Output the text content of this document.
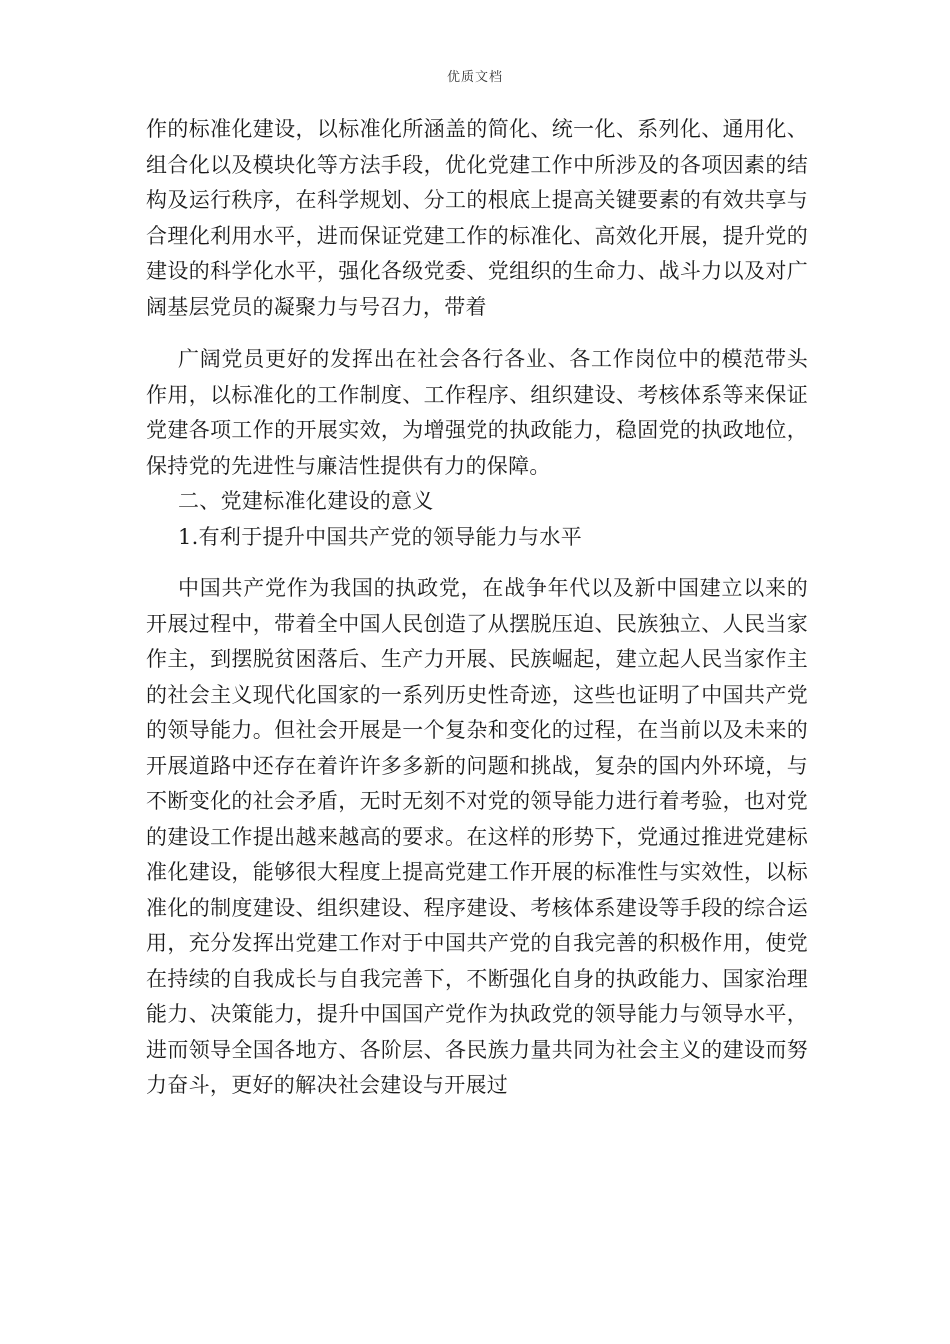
优质文档

作的标准化建设，以标准化所涵盖的简化、统一化、系列化、通用化、组合化以及模块化等方法手段，优化党建工作中所涉及的各项因素的结构及运行秩序，在科学规划、分工的根底上提高关键要素的有效共享与合理化利用水平，进而保证党建工作的标准化、高效化开展，提升党的建设的科学化水平，强化各级党委、党组织的生命力、战斗力以及对广阔基层党员的凝聚力与号召力，带着

广阔党员更好的发挥出在社会各行各业、各工作岗位中的模范带头作用，以标准化的工作制度、工作程序、组织建设、考核体系等来保证党建各项工作的开展实效，为增强党的执政能力，稳固党的执政地位，保持党的先进性与廉洁性提供有力的保障。

二、党建标准化建设的意义

1.有利于提升中国共产党的领导能力与水平

中国共产党作为我国的执政党，在战争年代以及新中国建立以来的开展过程中，带着全中国人民创造了从摆脱压迫、民族独立、人民当家作主，到摆脱贫困落后、生产力开展、民族崛起，建立起人民当家作主的社会主义现代化国家的一系列历史性奇迹，这些也证明了中国共产党的领导能力。但社会开展是一个复杂和变化的过程，在当前以及未来的开展道路中还存在着许许多多新的问题和挑战，复杂的国内外环境，与不断变化的社会矛盾，无时无刻不对党的领导能力进行着考验，也对党的建设工作提出越来越高的要求。在这样的形势下，党通过推进党建标准化建设，能够很大程度上提高党建工作开展的标准性与实效性，以标准化的制度建设、组织建设、程序建设、考核体系建设等手段的综合运用，充分发挥出党建工作对于中国共产党的自我完善的积极作用，使党在持续的自我成长与自我完善下，不断强化自身的执政能力、国家治理能力、决策能力，提升中国国产党作为执政党的领导能力与领导水平，进而领导全国各地方、各阶层、各民族力量共同为社会主义的建设而努力奋斗，更好的解决社会建设与开展过
